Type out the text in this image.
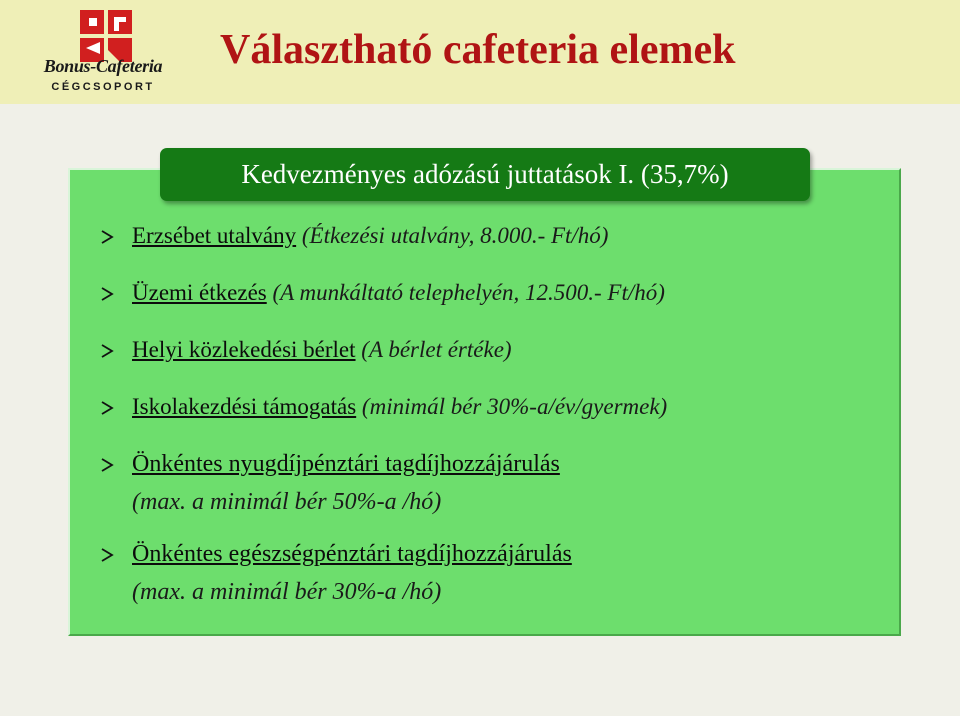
Bonus-Cafeteria
CÉGCSOPORT
Választható cafeteria elemek
Kedvezményes adózású juttatások I. (35,7%)
Erzsébet utalvány (Étkezési utalvány, 8.000.- Ft/hó)
Üzemi étkezés (A munkáltató telephelyén, 12.500.- Ft/hó)
Helyi közlekedési bérlet (A bérlet értéke)
Iskolakezdési támogatás (minimál bér 30%-a/év/gyermek)
Önkéntes nyugdíjpénztári tagdíjhozzájárulás
(max. a minimál bér 50%-a /hó)
Önkéntes egészségpénztári tagdíjhozzájárulás
(max. a minimál bér 30%-a /hó)
